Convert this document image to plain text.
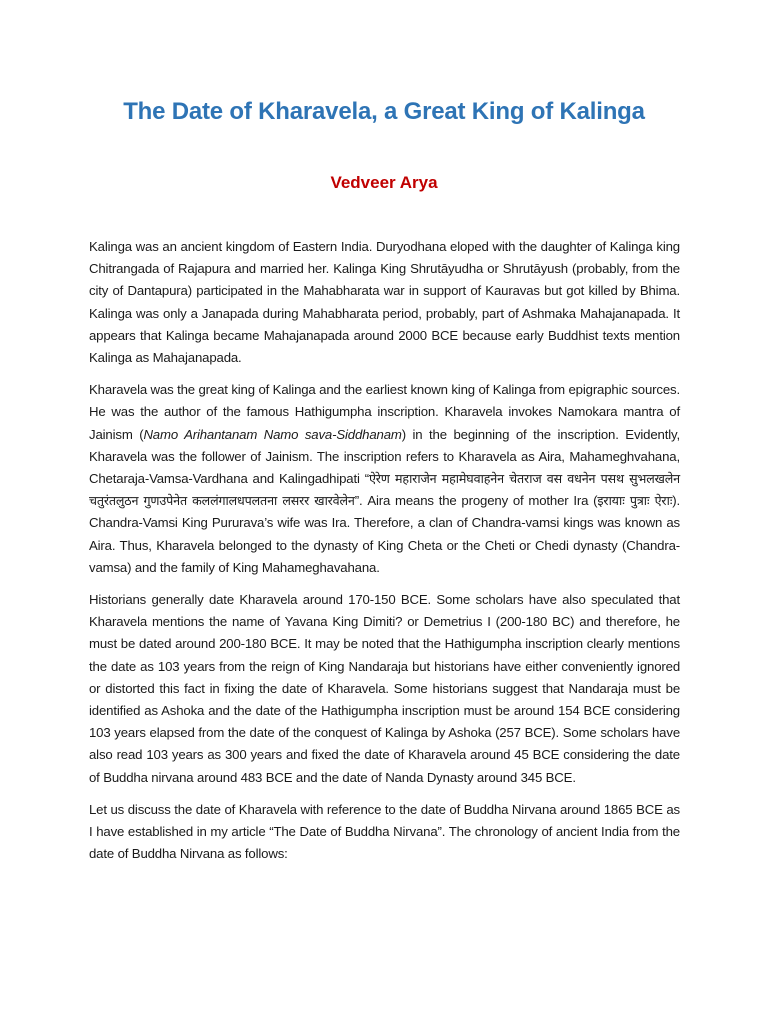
The Date of Kharavela, a Great King of Kalinga
Vedveer Arya

Kalinga was an ancient kingdom of Eastern India. Duryodhana eloped with the daughter of Kalinga king Chitrangada of Rajapura and married her. Kalinga King Shrutāyudha or Shrutāyush (probably, from the city of Dantapura) participated in the Mahabharata war in support of Kauravas but got killed by Bhima. Kalinga was only a Janapada during Mahabharata period, probably, part of Ashmaka Mahajanapada. It appears that Kalinga became Mahajanapada around 2000 BCE because early Buddhist texts mention Kalinga as Mahajanapada.

Kharavela was the great king of Kalinga and the earliest known king of Kalinga from epigraphic sources. He was the author of the famous Hathigumpha inscription. Kharavela invokes Namokara mantra of Jainism (Namo Arihantanam Namo sava-Siddhanam) in the beginning of the inscription. Evidently, Kharavela was the follower of Jainism. The inscription refers to Kharavela as Aira, Mahameghvahana, Chetaraja-Vamsa-Vardhana and Kalingadhipati “ऐरेण महाराजेन महामेघवाहनेन चेतराज वस वधनेन पसथ सुभलखलेन चतुरंतलुठन गुणउपेनेत कललंगालधपलतना लसरर खारवेलेन”. Aira means the progeny of mother Ira (इरायाः पुत्राः ऐराः). Chandra-Vamsi King Pururava’s wife was Ira. Therefore, a clan of Chandra-vamsi kings was known as Aira. Thus, Kharavela belonged to the dynasty of King Cheta or the Cheti or Chedi dynasty (Chandra-vamsa) and the family of King Mahameghavahana.

Historians generally date Kharavela around 170-150 BCE. Some scholars have also speculated that Kharavela mentions the name of Yavana King Dimiti? or Demetrius I (200-180 BC) and therefore, he must be dated around 200-180 BCE. It may be noted that the Hathigumpha inscription clearly mentions the date as 103 years from the reign of King Nandaraja but historians have either conveniently ignored or distorted this fact in fixing the date of Kharavela. Some historians suggest that Nandaraja must be identified as Ashoka and the date of the Hathigumpha inscription must be around 154 BCE considering 103 years elapsed from the date of the conquest of Kalinga by Ashoka (257 BCE). Some scholars have also read 103 years as 300 years and fixed the date of Kharavela around 45 BCE considering the date of Buddha nirvana around 483 BCE and the date of Nanda Dynasty around 345 BCE.

Let us discuss the date of Kharavela with reference to the date of Buddha Nirvana around 1865 BCE as I have established in my article “The Date of Buddha Nirvana”. The chronology of ancient India from the date of Buddha Nirvana as follows:
